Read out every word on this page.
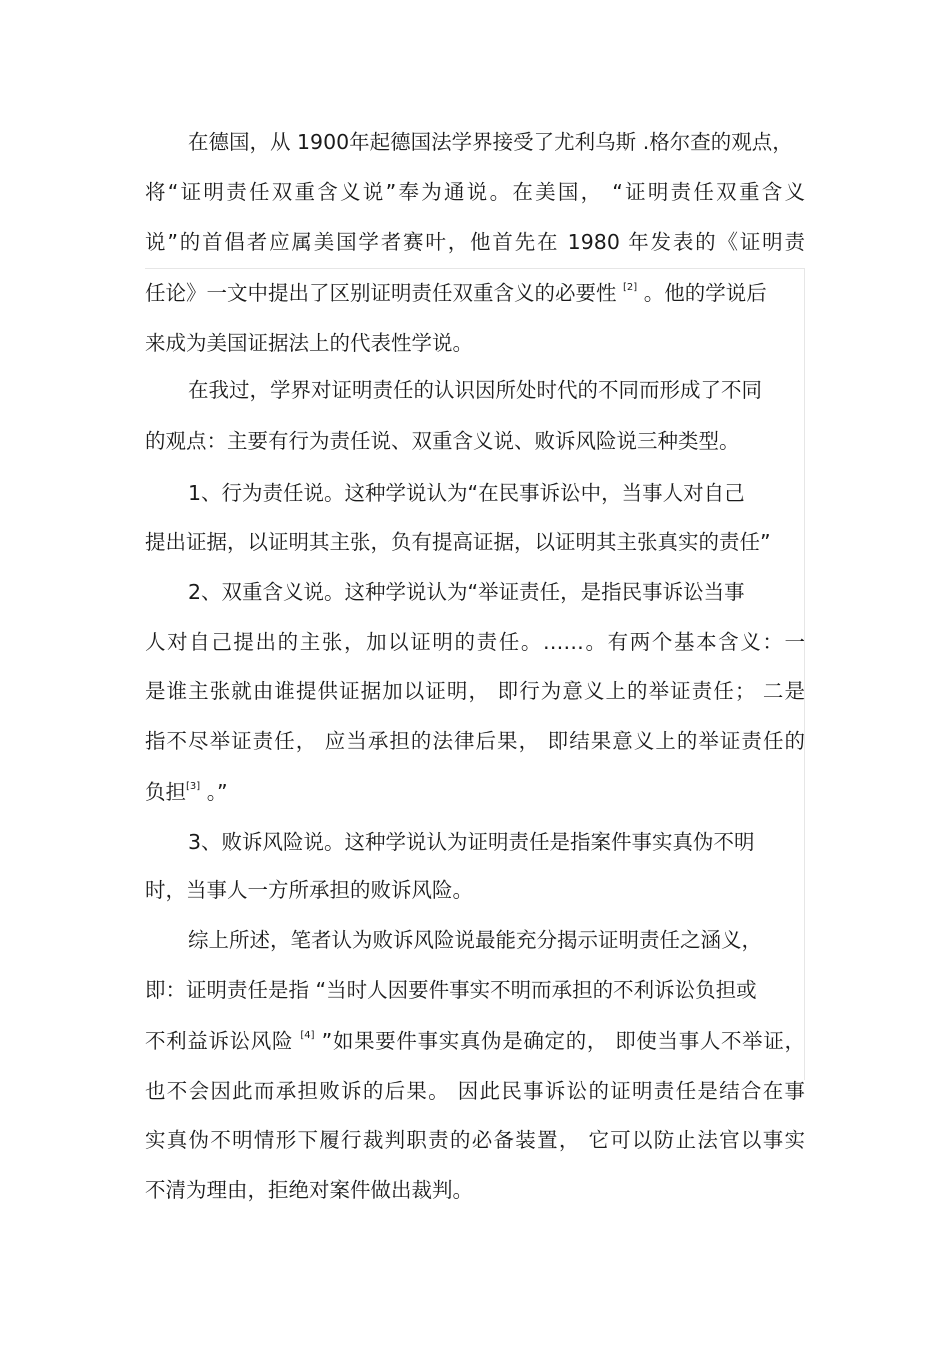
在德国，从 1900年起德国法学界接受了尤利乌斯 .格尔查的观点，
将“证明责任双重含义说”奉为通说。在美国， “证明责任双重含义
说”的首倡者应属美国学者赛叶，他首先在 1980 年发表的《证明责
任论》一文中提出了区别证明责任双重含义的必要性 [2] 。他的学说后
来成为美国证据法上的代表性学说。
在我过，学界对证明责任的认识因所处时代的不同而形成了不同
的观点：主要有行为责任说、双重含义说、败诉风险说三种类型。
1、行为责任说。这种学说认为“在民事诉讼中，当事人对自己
提出证据，以证明其主张，负有提高证据，以证明其主张真实的责任”
2、双重含义说。这种学说认为“举证责任，是指民事诉讼当事
人对自己提出的主张，加以证明的责任。……。有两个基本含义：一
是谁主张就由谁提供证据加以证明， 即行为意义上的举证责任； 二是
指不尽举证责任， 应当承担的法律后果， 即结果意义上的举证责任的
负担[3] 。”
3、败诉风险说。这种学说认为证明责任是指案件事实真伪不明
时，当事人一方所承担的败诉风险。
综上所述，笔者认为败诉风险说最能充分揭示证明责任之涵义，
即：证明责任是指 “当时人因要件事实不明而承担的不利诉讼负担或
不利益诉讼风险 [4] ”如果要件事实真伪是确定的， 即使当事人不举证，
也不会因此而承担败诉的后果。 因此民事诉讼的证明责任是结合在事
实真伪不明情形下履行裁判职责的必备装置， 它可以防止法官以事实
不清为理由，拒绝对案件做出裁判。
